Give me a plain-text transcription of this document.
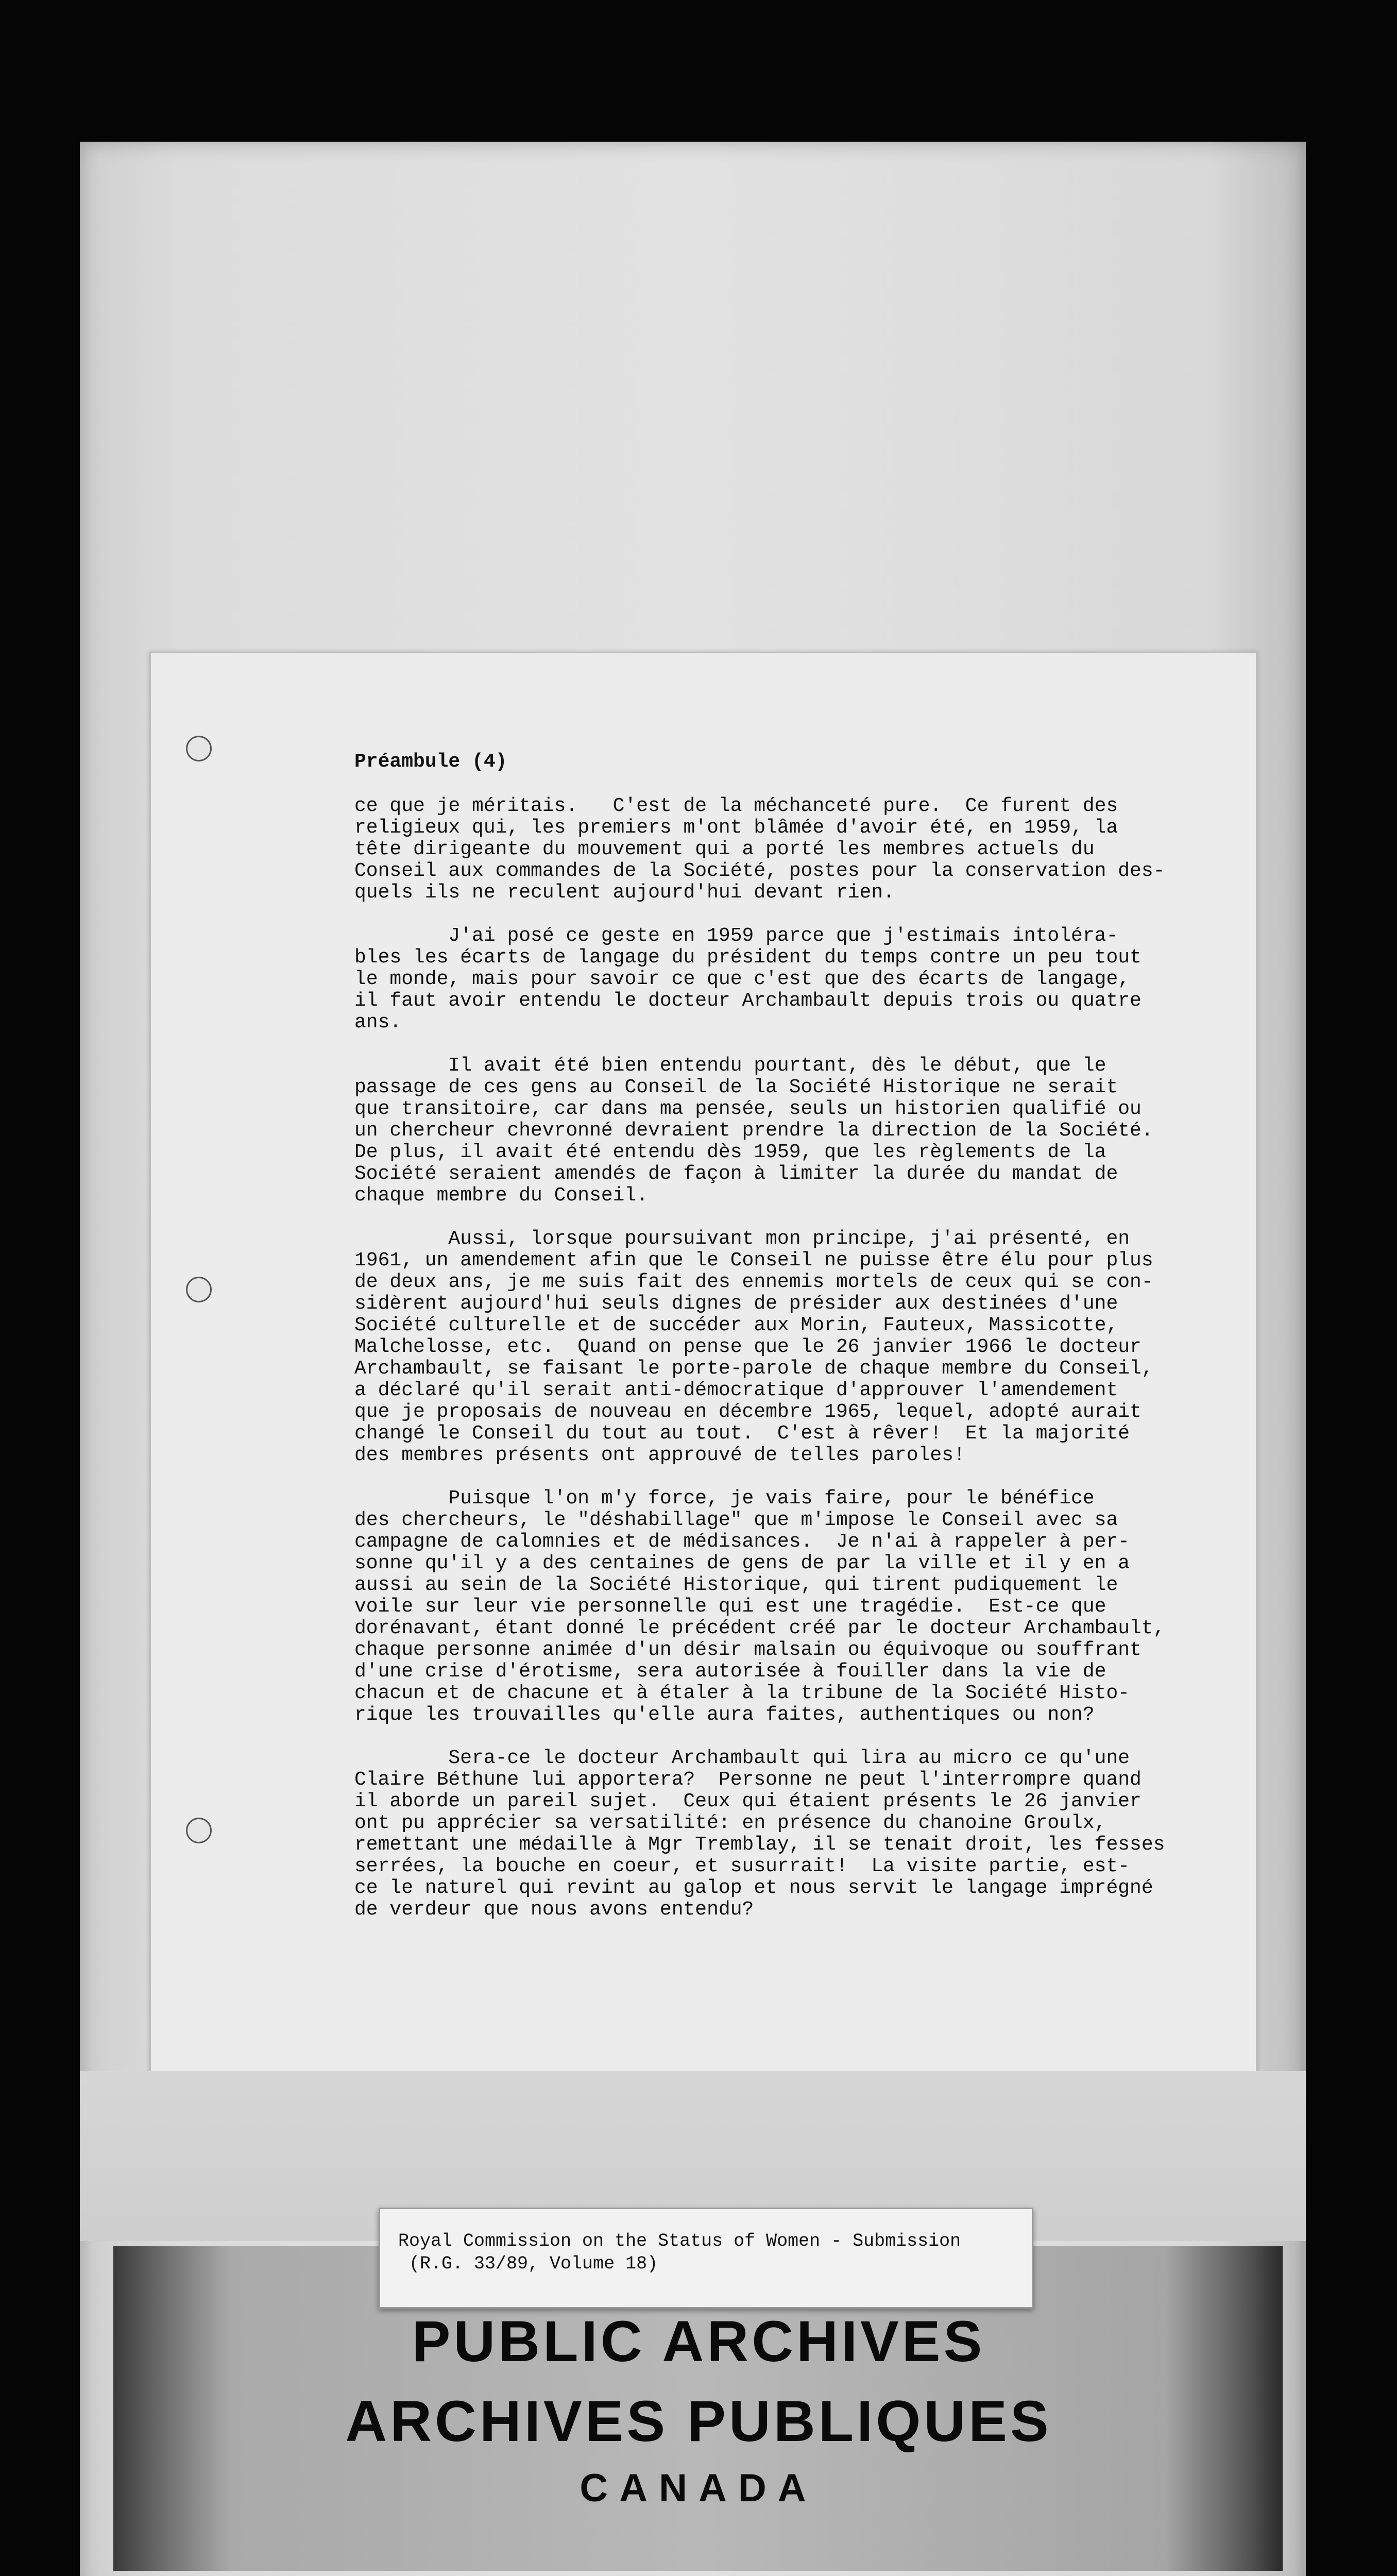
Préambule (4)
ce que je méritais.   C'est de la méchanceté pure.  Ce furent des
religieux qui, les premiers m'ont blâmée d'avoir été, en 1959, la
tête dirigeante du mouvement qui a porté les membres actuels du
Conseil aux commandes de la Société, postes pour la conservation des-
quels ils ne reculent aujourd'hui devant rien.
J'ai posé ce geste en 1959 parce que j'estimais intoléra-
bles les écarts de langage du président du temps contre un peu tout
le monde, mais pour savoir ce que c'est que des écarts de langage,
il faut avoir entendu le docteur Archambault depuis trois ou quatre
ans.
Il avait été bien entendu pourtant, dès le début, que le
passage de ces gens au Conseil de la Société Historique ne serait
que transitoire, car dans ma pensée, seuls un historien qualifié ou
un chercheur chevronné devraient prendre la direction de la Société.
De plus, il avait été entendu dès 1959, que les règlements de la
Société seraient amendés de façon à limiter la durée du mandat de
chaque membre du Conseil.
Aussi, lorsque poursuivant mon principe, j'ai présenté, en
1961, un amendement afin que le Conseil ne puisse être élu pour plus
de deux ans, je me suis fait des ennemis mortels de ceux qui se con-
sidèrent aujourd'hui seuls dignes de présider aux destinées d'une
Société culturelle et de succéder aux Morin, Fauteux, Massicotte,
Malchelosse, etc.  Quand on pense que le 26 janvier 1966 le docteur
Archambault, se faisant le porte-parole de chaque membre du Conseil,
a déclaré qu'il serait anti-démocratique d'approuver l'amendement
que je proposais de nouveau en décembre 1965, lequel, adopté aurait
changé le Conseil du tout au tout.  C'est à rêver!  Et la majorité
des membres présents ont approuvé de telles paroles!
Puisque l'on m'y force, je vais faire, pour le bénéfice
des chercheurs, le "déshabillage" que m'impose le Conseil avec sa
campagne de calomnies et de médisances.  Je n'ai à rappeler à per-
sonne qu'il y a des centaines de gens de par la ville et il y en a
aussi au sein de la Société Historique, qui tirent pudiquement le
voile sur leur vie personnelle qui est une tragédie.  Est-ce que
dorénavant, étant donné le précédent créé par le docteur Archambault,
chaque personne animée d'un désir malsain ou équivoque ou souffrant
d'une crise d'érotisme, sera autorisée à fouiller dans la vie de
chacun et de chacune et à étaler à la tribune de la Société Histo-
rique les trouvailles qu'elle aura faites, authentiques ou non?
Sera-ce le docteur Archambault qui lira au micro ce qu'une
Claire Béthune lui apportera?  Personne ne peut l'interrompre quand
il aborde un pareil sujet.  Ceux qui étaient présents le 26 janvier
ont pu apprécier sa versatilité: en présence du chanoine Groulx,
remettant une médaille à Mgr Tremblay, il se tenait droit, les fesses
serrées, la bouche en coeur, et susurrait!  La visite partie, est-
ce le naturel qui revint au galop et nous servit le langage imprégné
de verdeur que nous avons entendu?
Royal Commission on the Status of Women - Submission
(R.G. 33/89, Volume 18)
PUBLIC ARCHIVES
ARCHIVES PUBLIQUES
CANADA
